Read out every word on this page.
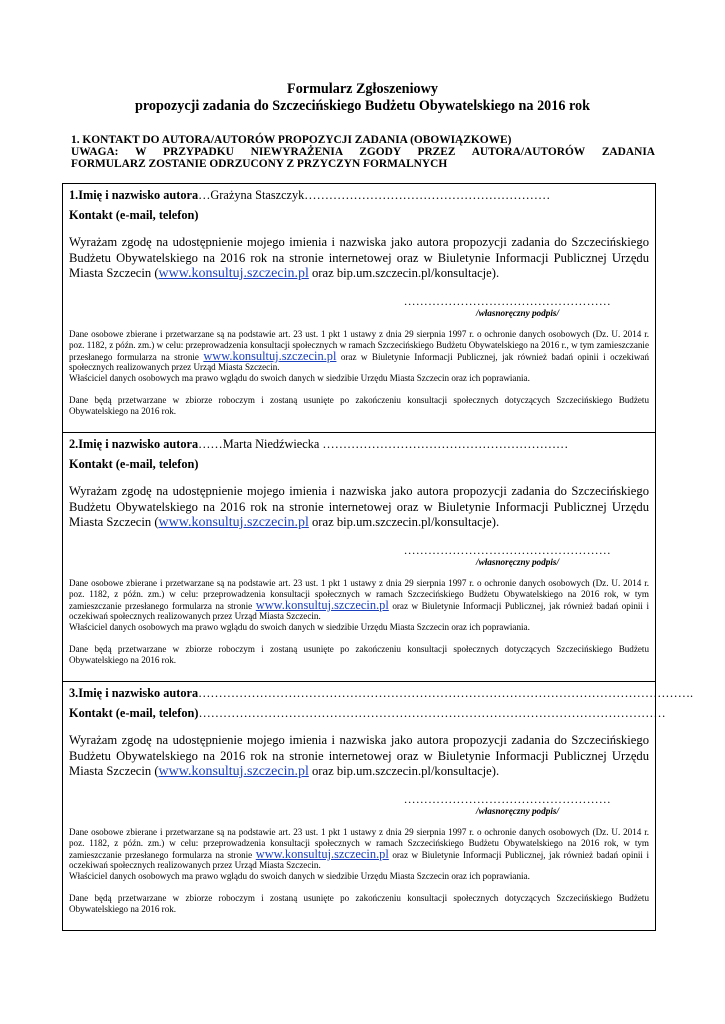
Formularz Zgłoszeniowy
propozycji zadania do Szczecińskiego Budżetu Obywatelskiego na 2016 rok
1. KONTAKT DO AUTORA/AUTORÓW PROPOZYCJI ZADANIA (OBOWIĄZKOWE)
UWAGA: W PRZYPADKU NIEWYRAŻENIA ZGODY PRZEZ AUTORA/AUTORÓW ZADANIA
FORMULARZ ZOSTANIE ODRZUCONY Z PRZYCZYN FORMALNYCH
1.Imię i nazwisko autora…Grażyna Staszczyk……………………………………………………
Kontakt (e-mail, telefon)
Wyrażam zgodę na udostępnienie mojego imienia i nazwiska jako autora propozycji zadania do Szczecińskiego Budżetu Obywatelskiego na 2016 rok na stronie internetowej oraz w Biuletynie Informacji Publicznej Urzędu Miasta Szczecin (www.konsultuj.szczecin.pl oraz bip.um.szczecin.pl/konsultacje).
……………………………………………
/własnoręczny podpis/
Dane osobowe zbierane i przetwarzane są na podstawie art. 23 ust. 1 pkt 1 ustawy z dnia 29 sierpnia 1997 r. o ochronie danych osobowych (Dz. U. 2014 r. poz. 1182, z późn. zm.) w celu: przeprowadzenia konsultacji społecznych w ramach Szczecińskiego Budżetu Obywatelskiego na 2016 r., w tym zamieszczanie przesłanego formularza na stronie www.konsultuj.szczecin.pl oraz w Biuletynie Informacji Publicznej, jak również badań opinii i oczekiwań społecznych realizowanych przez Urząd Miasta Szczecin.
Właściciel danych osobowych ma prawo wglądu do swoich danych w siedzibie Urzędu Miasta Szczecin oraz ich poprawiania.

Dane będą przetwarzane w zbiorze roboczym i zostaną usunięte po zakończeniu konsultacji społecznych dotyczących Szczecińskiego Budżetu Obywatelskiego na 2016 rok.
2.Imię i nazwisko autora……Marta Niedźwiecka ……………………………………………………
Kontakt (e-mail, telefon)
Wyrażam zgodę na udostępnienie mojego imienia i nazwiska jako autora propozycji zadania do Szczecińskiego Budżetu Obywatelskiego na 2016 rok na stronie internetowej oraz w Biuletynie Informacji Publicznej Urzędu Miasta Szczecin (www.konsultuj.szczecin.pl oraz bip.um.szczecin.pl/konsultacje).
……………………………………………
/własnoręczny podpis/
Dane osobowe zbierane i przetwarzane są na podstawie art. 23 ust. 1 pkt 1 ustawy z dnia 29 sierpnia 1997 r. o ochronie danych osobowych (Dz. U. 2014 r. poz. 1182, z późn. zm.) w celu: przeprowadzenia konsultacji społecznych w ramach Szczecińskiego Budżetu Obywatelskiego na 2016 rok, w tym zamieszczanie przesłanego formularza na stronie www.konsultuj.szczecin.pl oraz w Biuletynie Informacji Publicznej, jak również badań opinii i oczekiwań społecznych realizowanych przez Urząd Miasta Szczecin.
Właściciel danych osobowych ma prawo wglądu do swoich danych w siedzibie Urzędu Miasta Szczecin oraz ich poprawiania.

Dane będą przetwarzane w zbiorze roboczym i zostaną usunięte po zakończeniu konsultacji społecznych dotyczących Szczecińskiego Budżetu Obywatelskiego na 2016 rok.
3.Imię i nazwisko autora………………………………………………………………………………………………………….
Kontakt (e-mail, telefon)……………………………………………………………………………………………………
Wyrażam zgodę na udostępnienie mojego imienia i nazwiska jako autora propozycji zadania do Szczecińskiego Budżetu Obywatelskiego na 2016 rok na stronie internetowej oraz w Biuletynie Informacji Publicznej Urzędu Miasta Szczecin (www.konsultuj.szczecin.pl oraz bip.um.szczecin.pl/konsultacje).
……………………………………………
/własnoręczny podpis/
Dane osobowe zbierane i przetwarzane są na podstawie art. 23 ust. 1 pkt 1 ustawy z dnia 29 sierpnia 1997 r. o ochronie danych osobowych (Dz. U. 2014 r. poz. 1182, z późn. zm.) w celu: przeprowadzenia konsultacji społecznych w ramach Szczecińskiego Budżetu Obywatelskiego na 2016 rok, w tym zamieszczanie przesłanego formularza na stronie www.konsultuj.szczecin.pl oraz w Biuletynie Informacji Publicznej, jak również badań opinii i oczekiwań społecznych realizowanych przez Urząd Miasta Szczecin.
Właściciel danych osobowych ma prawo wglądu do swoich danych w siedzibie Urzędu Miasta Szczecin oraz ich poprawiania.

Dane będą przetwarzane w zbiorze roboczym i zostaną usunięte po zakończeniu konsultacji społecznych dotyczących Szczecińskiego Budżetu Obywatelskiego na 2016 rok.
